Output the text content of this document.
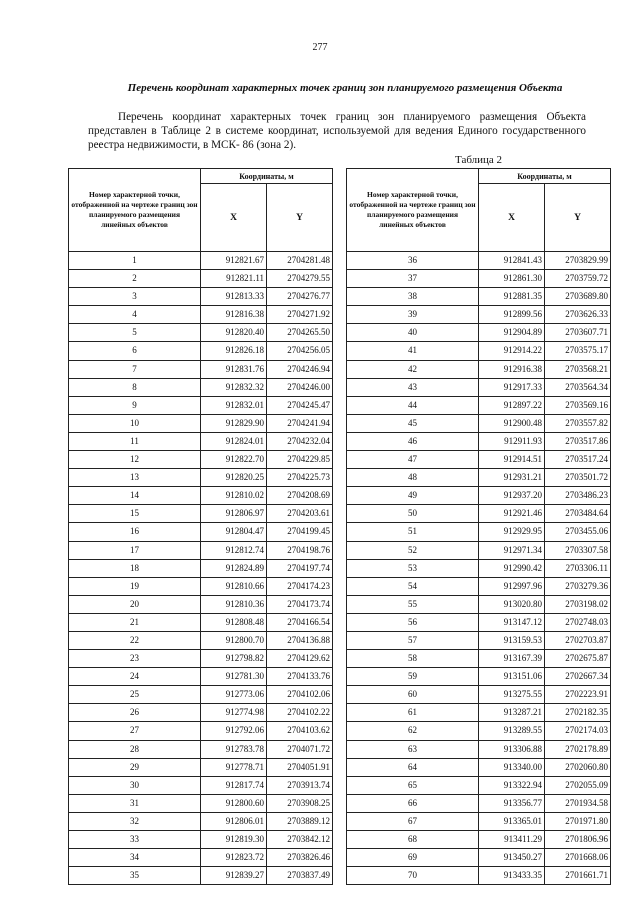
277
Перечень координат характерных точек границ зон планируемого размещения Объекта
Перечень координат характерных точек границ зон планируемого размещения Объекта представлен в Таблице 2 в системе координат, используемой для ведения Единого государственного реестра недвижимости, в МСК- 86 (зона 2).
Таблица 2
Номер характерной точки, отображенной на чертеже границ зон планируемого размещения линейных объектов	Координаты, м	
	X	Y
1	912821.67	2704281.48
2	912821.11	2704279.55
3	912813.33	2704276.77
4	912816.38	2704271.92
5	912820.40	2704265.50
6	912826.18	2704256.05
7	912831.76	2704246.94
8	912832.32	2704246.00
9	912832.01	2704245.47
10	912829.90	2704241.94
11	912824.01	2704232.04
12	912822.70	2704229.85
13	912820.25	2704225.73
14	912810.02	2704208.69
15	912806.97	2704203.61
16	912804.47	2704199.45
17	912812.74	2704198.76
18	912824.89	2704197.74
19	912810.66	2704174.23
20	912810.36	2704173.74
21	912808.48	2704166.54
22	912800.70	2704136.88
23	912798.82	2704129.62
24	912781.30	2704133.76
25	912773.06	2704102.06
26	912774.98	2704102.22
27	912792.06	2704103.62
28	912783.78	2704071.72
29	912778.71	2704051.91
30	912817.74	2703913.74
31	912800.60	2703908.25
32	912806.01	2703889.12
33	912819.30	2703842.12
34	912823.72	2703826.46
35	912839.27	2703837.49
Номер характерной точки, отображенной на чертеже границ зон планируемого размещения линейных объектов	Координаты, м	
	X	Y
36	912841.43	2703829.99
37	912861.30	2703759.72
38	912881.35	2703689.80
39	912899.56	2703626.33
40	912904.89	2703607.71
41	912914.22	2703575.17
42	912916.38	2703568.21
43	912917.33	2703564.34
44	912897.22	2703569.16
45	912900.48	2703557.82
46	912911.93	2703517.86
47	912914.51	2703517.24
48	912931.21	2703501.72
49	912937.20	2703486.23
50	912921.46	2703484.64
51	912929.95	2703455.06
52	912971.34	2703307.58
53	912990.42	2703306.11
54	912997.96	2703279.36
55	913020.80	2703198.02
56	913147.12	2702748.03
57	913159.53	2702703.87
58	913167.39	2702675.87
59	913151.06	2702667.34
60	913275.55	2702223.91
61	913287.21	2702182.35
62	913289.55	2702174.03
63	913306.88	2702178.89
64	913340.00	2702060.80
65	913322.94	2702055.09
66	913356.77	2701934.58
67	913365.01	2701971.80
68	913411.29	2701806.96
69	913450.27	2701668.06
70	913433.35	2701661.71
